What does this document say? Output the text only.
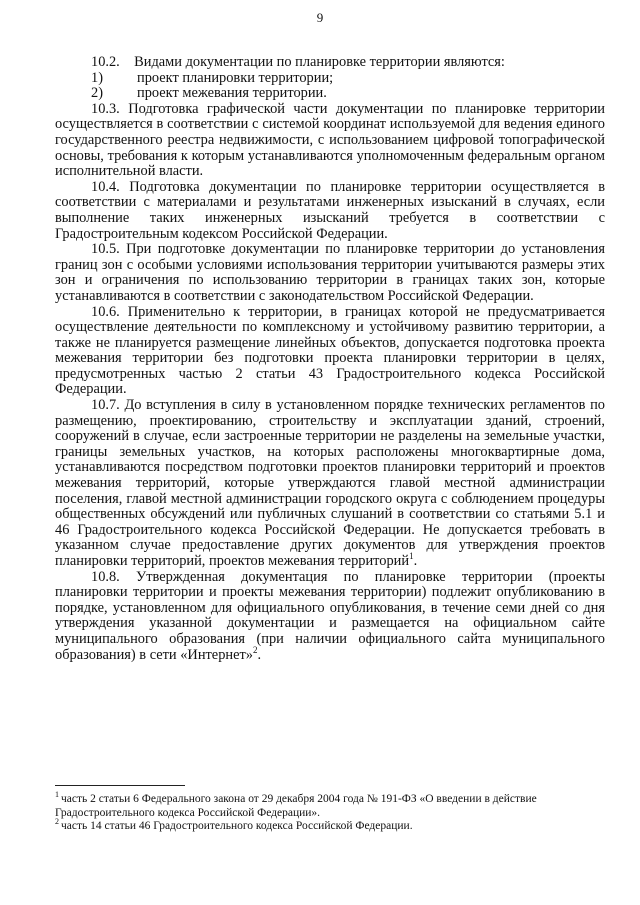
9

10.2.    Видами документации по планировке территории являются:

1) проект планировки территории;
2) проект межевания территории.

10.3. Подготовка графической части документации по планировке территории осуществляется в соответствии с системой координат используемой для ведения единого государственного реестра недвижимости, с использованием цифровой топографической основы, требования к которым устанавливаются уполномоченным федеральным органом исполнительной власти.

10.4. Подготовка документации по планировке территории осуществляется в соответствии с материалами и результатами инженерных изысканий в случаях, если выполнение таких инженерных изысканий требуется в соответствии с Градостроительным кодексом Российской Федерации.

10.5. При подготовке документации по планировке территории до установления границ зон с особыми условиями использования территории учитываются размеры этих зон и ограничения по использованию территории в границах таких зон, которые устанавливаются в соответствии с законодательством Российской Федерации.

10.6. Применительно к территории, в границах которой не предусматривается осуществление деятельности по комплексному и устойчивому развитию территории, а также не планируется размещение линейных объектов, допускается подготовка проекта межевания территории без подготовки проекта планировки территории в целях, предусмотренных частью 2 статьи 43 Градостроительного кодекса Российской Федерации.

10.7. До вступления в силу в установленном порядке технических регламентов по размещению, проектированию, строительству и эксплуатации зданий, строений, сооружений в случае, если застроенные территории не разделены на земельные участки, границы земельных участков, на которых расположены многоквартирные дома, устанавливаются посредством подготовки проектов планировки территорий и проектов межевания территорий, которые утверждаются главой местной администрации поселения, главой местной администрации городского округа с соблюдением процедуры общественных обсуждений или публичных слушаний в соответствии со статьями 5.1 и 46 Градостроительного кодекса Российской Федерации. Не допускается требовать в указанном случае предоставление других документов для утверждения проектов планировки территорий, проектов межевания территорий$^1$.

10.8. Утвержденная документация по планировке территории (проекты планировки территории и проекты межевания территории) подлежит опубликованию в порядке, установленном для официального опубликования, в течение семи дней со дня утверждения указанной документации и размещается на официальном сайте муниципального образования (при наличии официального сайта муниципального образования) в сети «Интернет»$^2$.

$^1$ часть 2 статьи 6 Федерального закона от 29 декабря 2004 года № 191-ФЗ «О введении в действие Градостроительного кодекса Российской Федерации».

$^2$ часть 14 статьи 46 Градостроительного кодекса Российской Федерации.
